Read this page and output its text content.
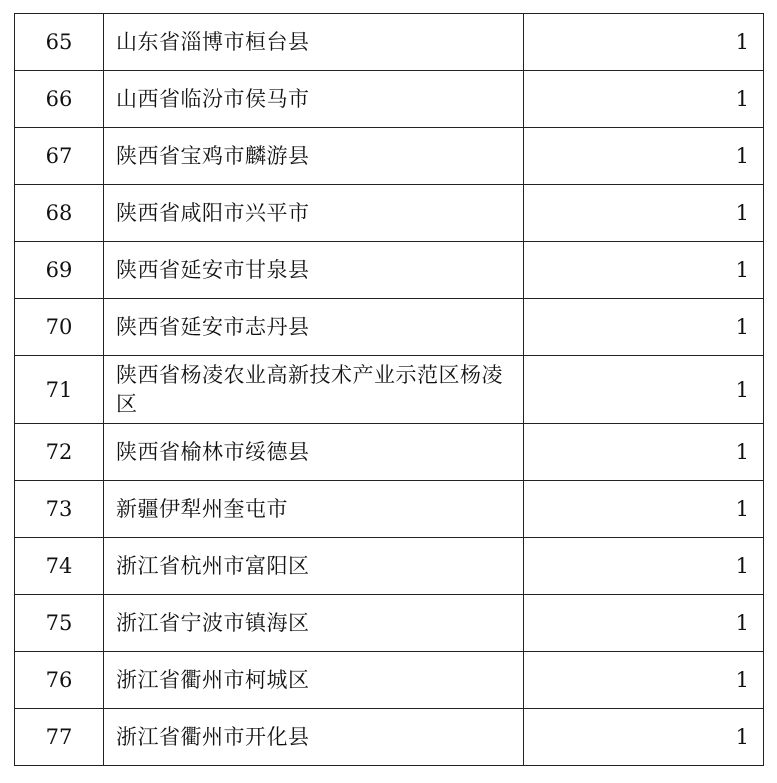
65	山东省淄博市桓台县	1
66	山西省临汾市侯马市	1
67	陕西省宝鸡市麟游县	1
68	陕西省咸阳市兴平市	1
69	陕西省延安市甘泉县	1
70	陕西省延安市志丹县	1
71	陕西省杨凌农业高新技术产业示范区杨凌区	1
72	陕西省榆林市绥德县	1
73	新疆伊犁州奎屯市	1
74	浙江省杭州市富阳区	1
75	浙江省宁波市镇海区	1
76	浙江省衢州市柯城区	1
77	浙江省衢州市开化县	1
